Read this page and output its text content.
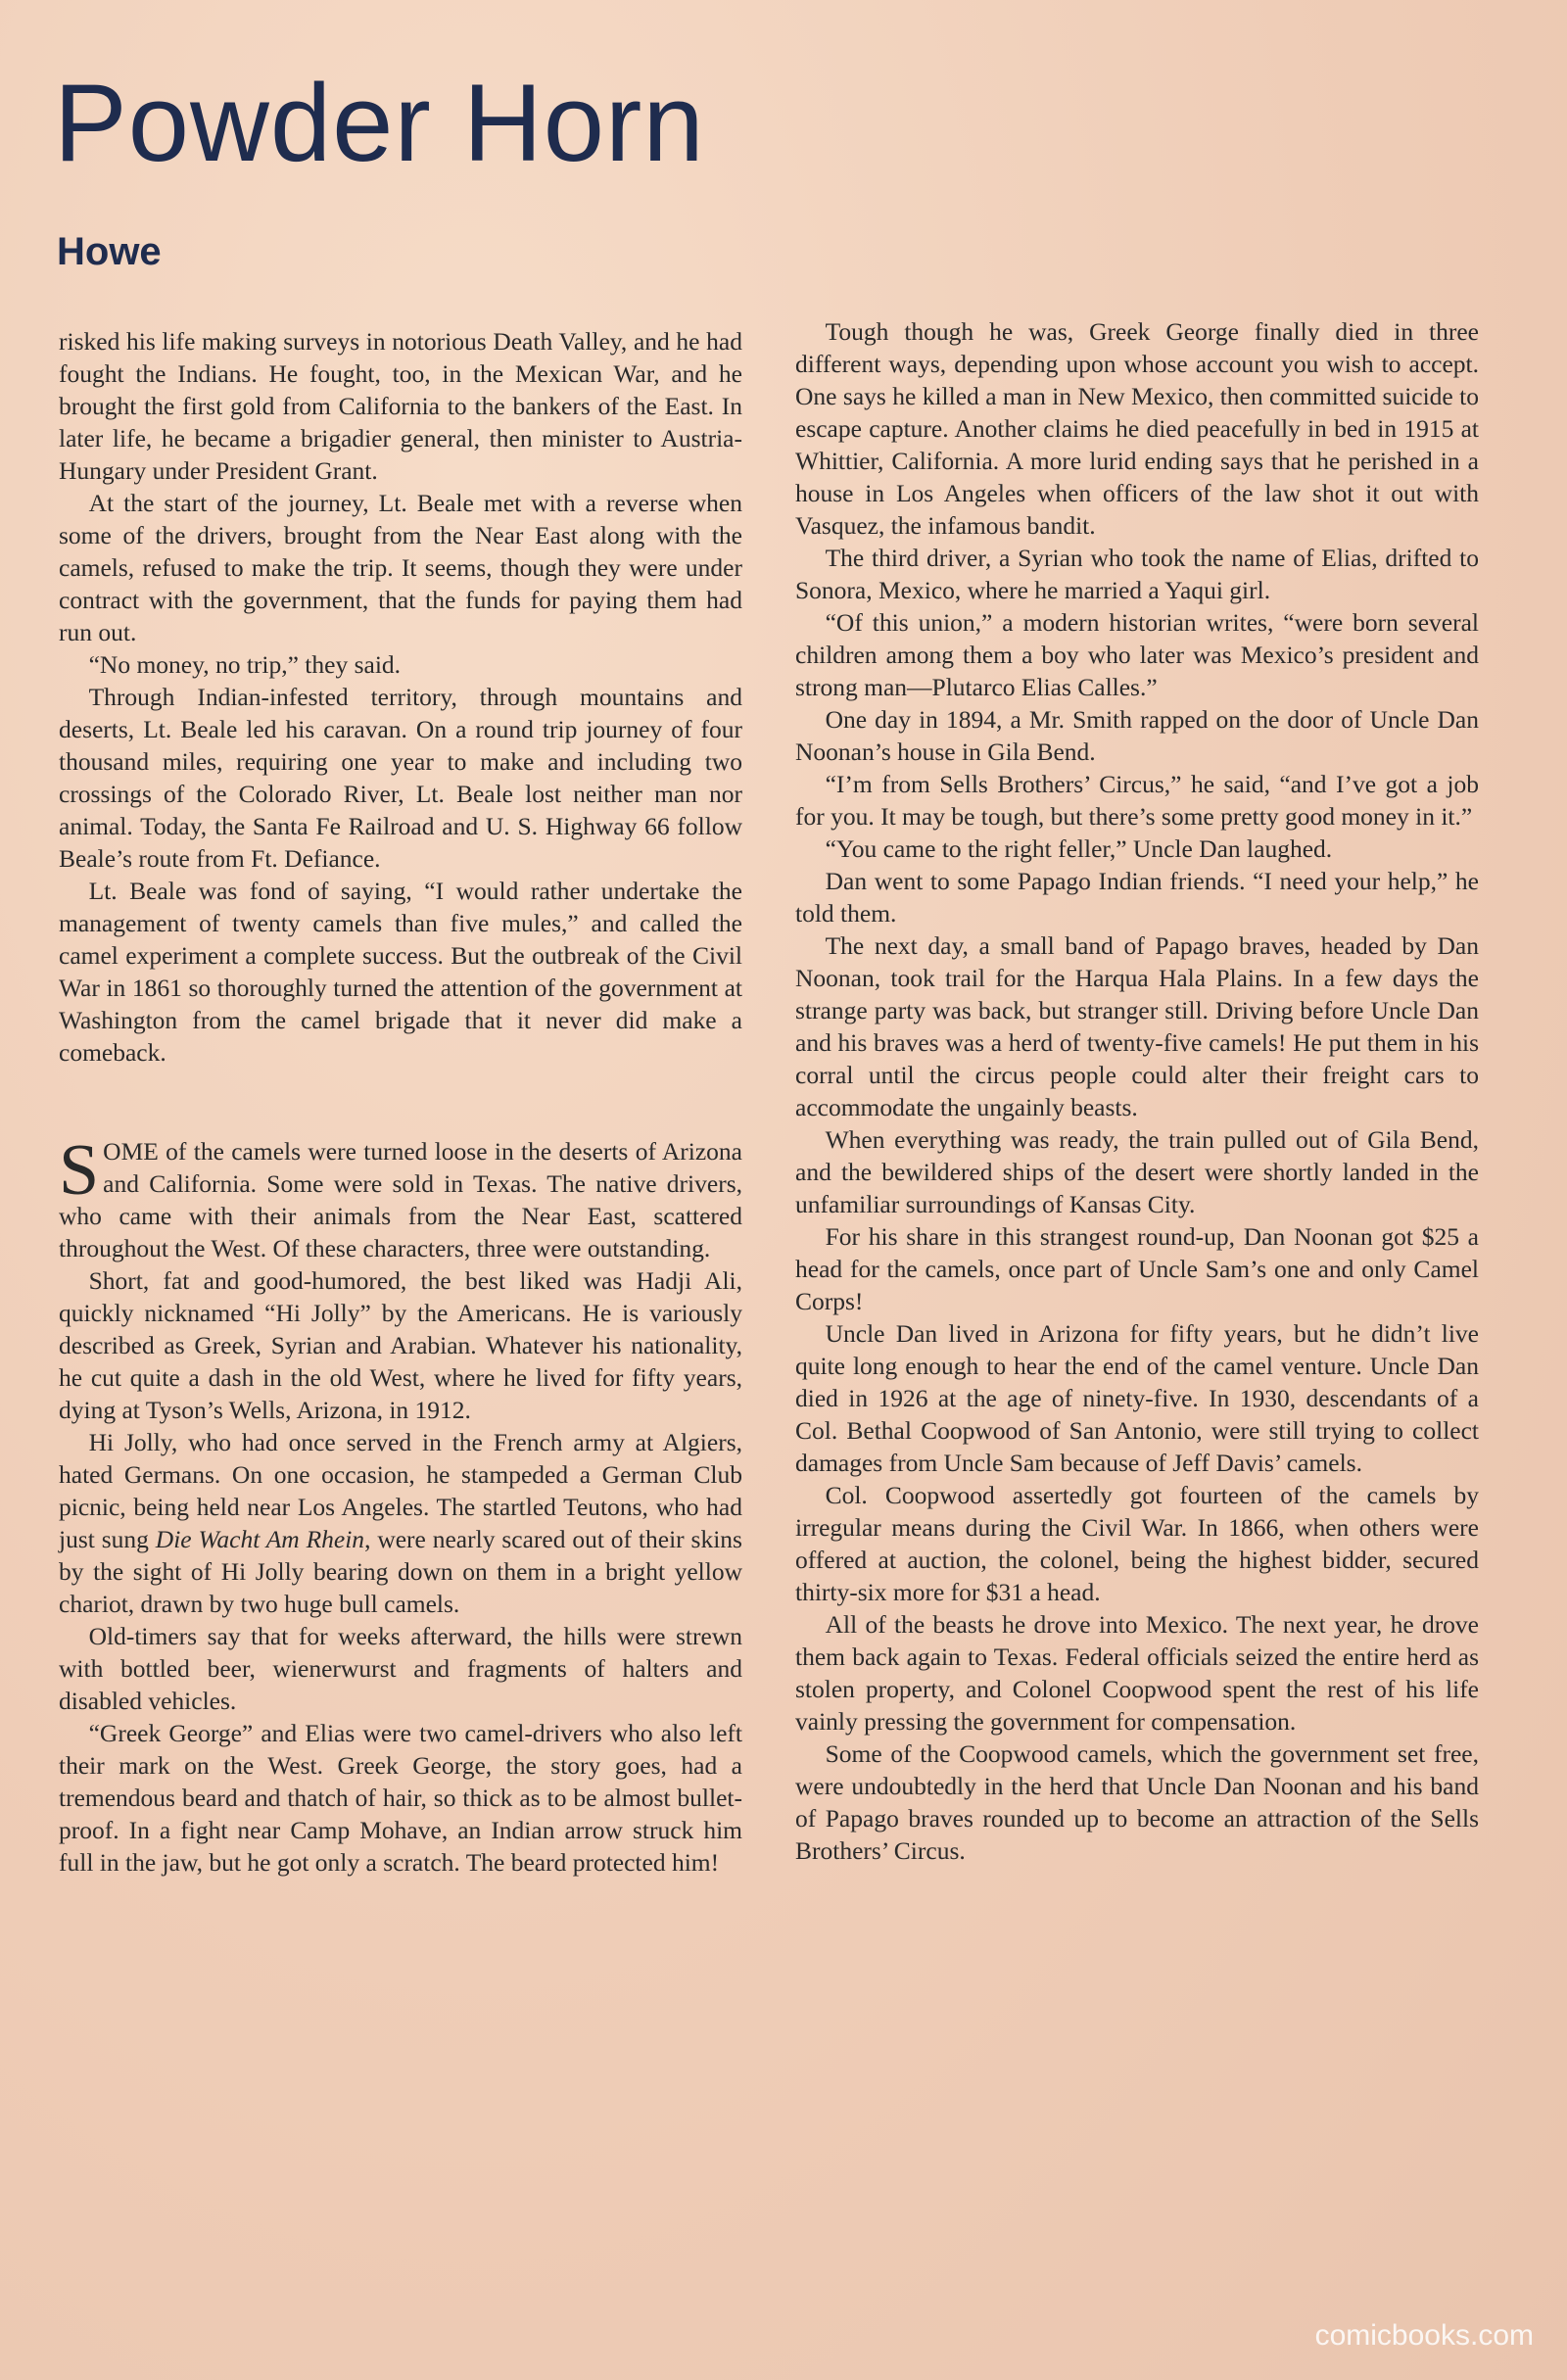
Powder Horn
Howe

risked his life making surveys in notorious Death Valley, and he had fought the Indians. He fought, too, in the Mexican War, and he brought the first gold from California to the bankers of the East. In later life, he became a brigadier general, then minister to Austria-Hungary under President Grant.

At the start of the journey, Lt. Beale met with a reverse when some of the drivers, brought from the Near East along with the camels, refused to make the trip. It seems, though they were under contract with the government, that the funds for paying them had run out.

“No money, no trip,” they said.

Through Indian-infested territory, through mountains and deserts, Lt. Beale led his caravan. On a round trip journey of four thousand miles, requiring one year to make and including two crossings of the Colorado River, Lt. Beale lost neither man nor animal. Today, the Santa Fe Railroad and U. S. Highway 66 follow Beale’s route from Ft. Defiance.

Lt. Beale was fond of saying, “I would rather undertake the management of twenty camels than five mules,” and called the camel experiment a complete success. But the outbreak of the Civil War in 1861 so thoroughly turned the attention of the government at Washington from the camel brigade that it never did make a comeback.

SOME of the camels were turned loose in the deserts of Arizona and California. Some were sold in Texas. The native drivers, who came with their animals from the Near East, scattered throughout the West. Of these characters, three were outstanding.

Short, fat and good-humored, the best liked was Hadji Ali, quickly nicknamed “Hi Jolly” by the Americans. He is variously described as Greek, Syrian and Arabian. Whatever his nationality, he cut quite a dash in the old West, where he lived for fifty years, dying at Tyson’s Wells, Arizona, in 1912.

Hi Jolly, who had once served in the French army at Algiers, hated Germans. On one occasion, he stampeded a German Club picnic, being held near Los Angeles. The startled Teutons, who had just sung Die Wacht Am Rhein, were nearly scared out of their skins by the sight of Hi Jolly bearing down on them in a bright yellow chariot, drawn by two huge bull camels.

Old-timers say that for weeks afterward, the hills were strewn with bottled beer, wienerwurst and fragments of halters and disabled vehicles.

“Greek George” and Elias were two camel-drivers who also left their mark on the West. Greek George, the story goes, had a tremendous beard and thatch of hair, so thick as to be almost bullet-proof. In a fight near Camp Mohave, an Indian arrow struck him full in the jaw, but he got only a scratch. The beard protected him!

Tough though he was, Greek George finally died in three different ways, depending upon whose account you wish to accept. One says he killed a man in New Mexico, then committed suicide to escape capture. Another claims he died peacefully in bed in 1915 at Whittier, California. A more lurid ending says that he perished in a house in Los Angeles when officers of the law shot it out with Vasquez, the infamous bandit.

The third driver, a Syrian who took the name of Elias, drifted to Sonora, Mexico, where he married a Yaqui girl.

“Of this union,” a modern historian writes, “were born several children among them a boy who later was Mexico’s president and strong man—Plutarco Elias Calles.”

One day in 1894, a Mr. Smith rapped on the door of Uncle Dan Noonan’s house in Gila Bend.

“I’m from Sells Brothers’ Circus,” he said, “and I’ve got a job for you. It may be tough, but there’s some pretty good money in it.”

“You came to the right feller,” Uncle Dan laughed.

Dan went to some Papago Indian friends. “I need your help,” he told them.

The next day, a small band of Papago braves, headed by Dan Noonan, took trail for the Harqua Hala Plains. In a few days the strange party was back, but stranger still. Driving before Uncle Dan and his braves was a herd of twenty-five camels! He put them in his corral until the circus people could alter their freight cars to accommodate the ungainly beasts.

When everything was ready, the train pulled out of Gila Bend, and the bewildered ships of the desert were shortly landed in the unfamiliar surroundings of Kansas City.

For his share in this strangest round-up, Dan Noonan got $25 a head for the camels, once part of Uncle Sam’s one and only Camel Corps!

Uncle Dan lived in Arizona for fifty years, but he didn’t live quite long enough to hear the end of the camel venture. Uncle Dan died in 1926 at the age of ninety-five. In 1930, descendants of a Col. Bethal Coopwood of San Antonio, were still trying to collect damages from Uncle Sam because of Jeff Davis’ camels.

Col. Coopwood assertedly got fourteen of the camels by irregular means during the Civil War. In 1866, when others were offered at auction, the colonel, being the highest bidder, secured thirty-six more for $31 a head.

All of the beasts he drove into Mexico. The next year, he drove them back again to Texas. Federal officials seized the entire herd as stolen property, and Colonel Coopwood spent the rest of his life vainly pressing the government for compensation.

Some of the Coopwood camels, which the government set free, were undoubtedly in the herd that Uncle Dan Noonan and his band of Papago braves rounded up to become an attraction of the Sells Brothers’ Circus.

comicbooks.com
